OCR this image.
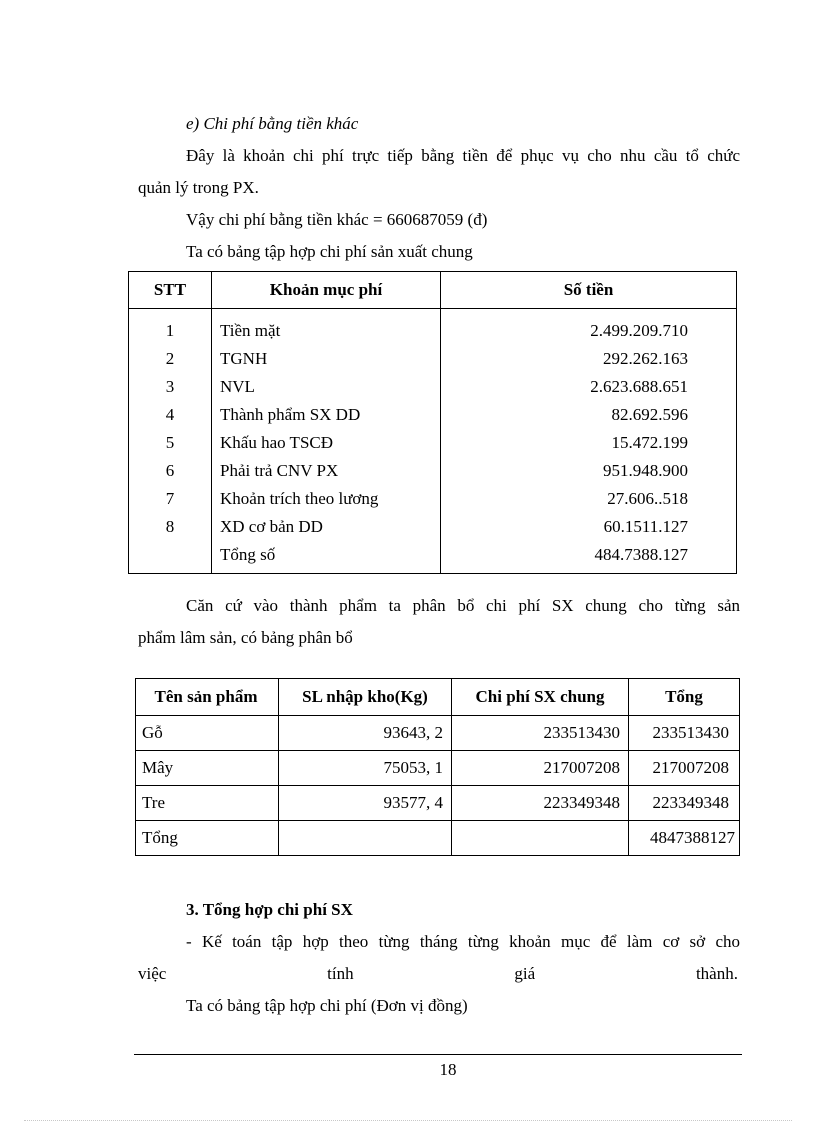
e) Chi phí bằng tiền khác
Đây là khoản chi phí trực tiếp bằng tiền để phục vụ cho nhu cầu tổ chức
quản lý trong PX.
Vậy chi phí bằng tiền khác = 660687059 (đ)
Ta có bảng tập hợp chi phí sản xuất chung
STT	Khoản mục phí	Số tiền
1	Tiền mặt	2.499.209.710
2	TGNH	292.262.163
3	NVL	2.623.688.651
4	Thành phẩm SX DD	82.692.596
5	Khấu hao TSCĐ	15.472.199
6	Phải trả CNV PX	951.948.900
7	Khoản trích theo lương	27.606..518
8	XD cơ bản DD	60.1511.127
	Tổng số	484.7388.127
Căn cứ vào thành phẩm ta phân bổ chi phí SX chung cho từng sản
phẩm lâm sản, có bảng phân bổ
Tên sản phẩm	SL nhập kho(Kg)	Chi phí SX chung	Tổng
Gỗ	93643, 2	233513430	233513430
Mây	75053, 1	217007208	217007208
Tre	93577, 4	223349348	223349348
Tổng			4847388127
3. Tổng hợp chi phí SX
- Kế toán tập hợp theo từng tháng từng khoản mục để làm cơ sở cho
việc	tính	giá	thành.
Ta có bảng tập hợp chi phí (Đơn vị đồng)
18
